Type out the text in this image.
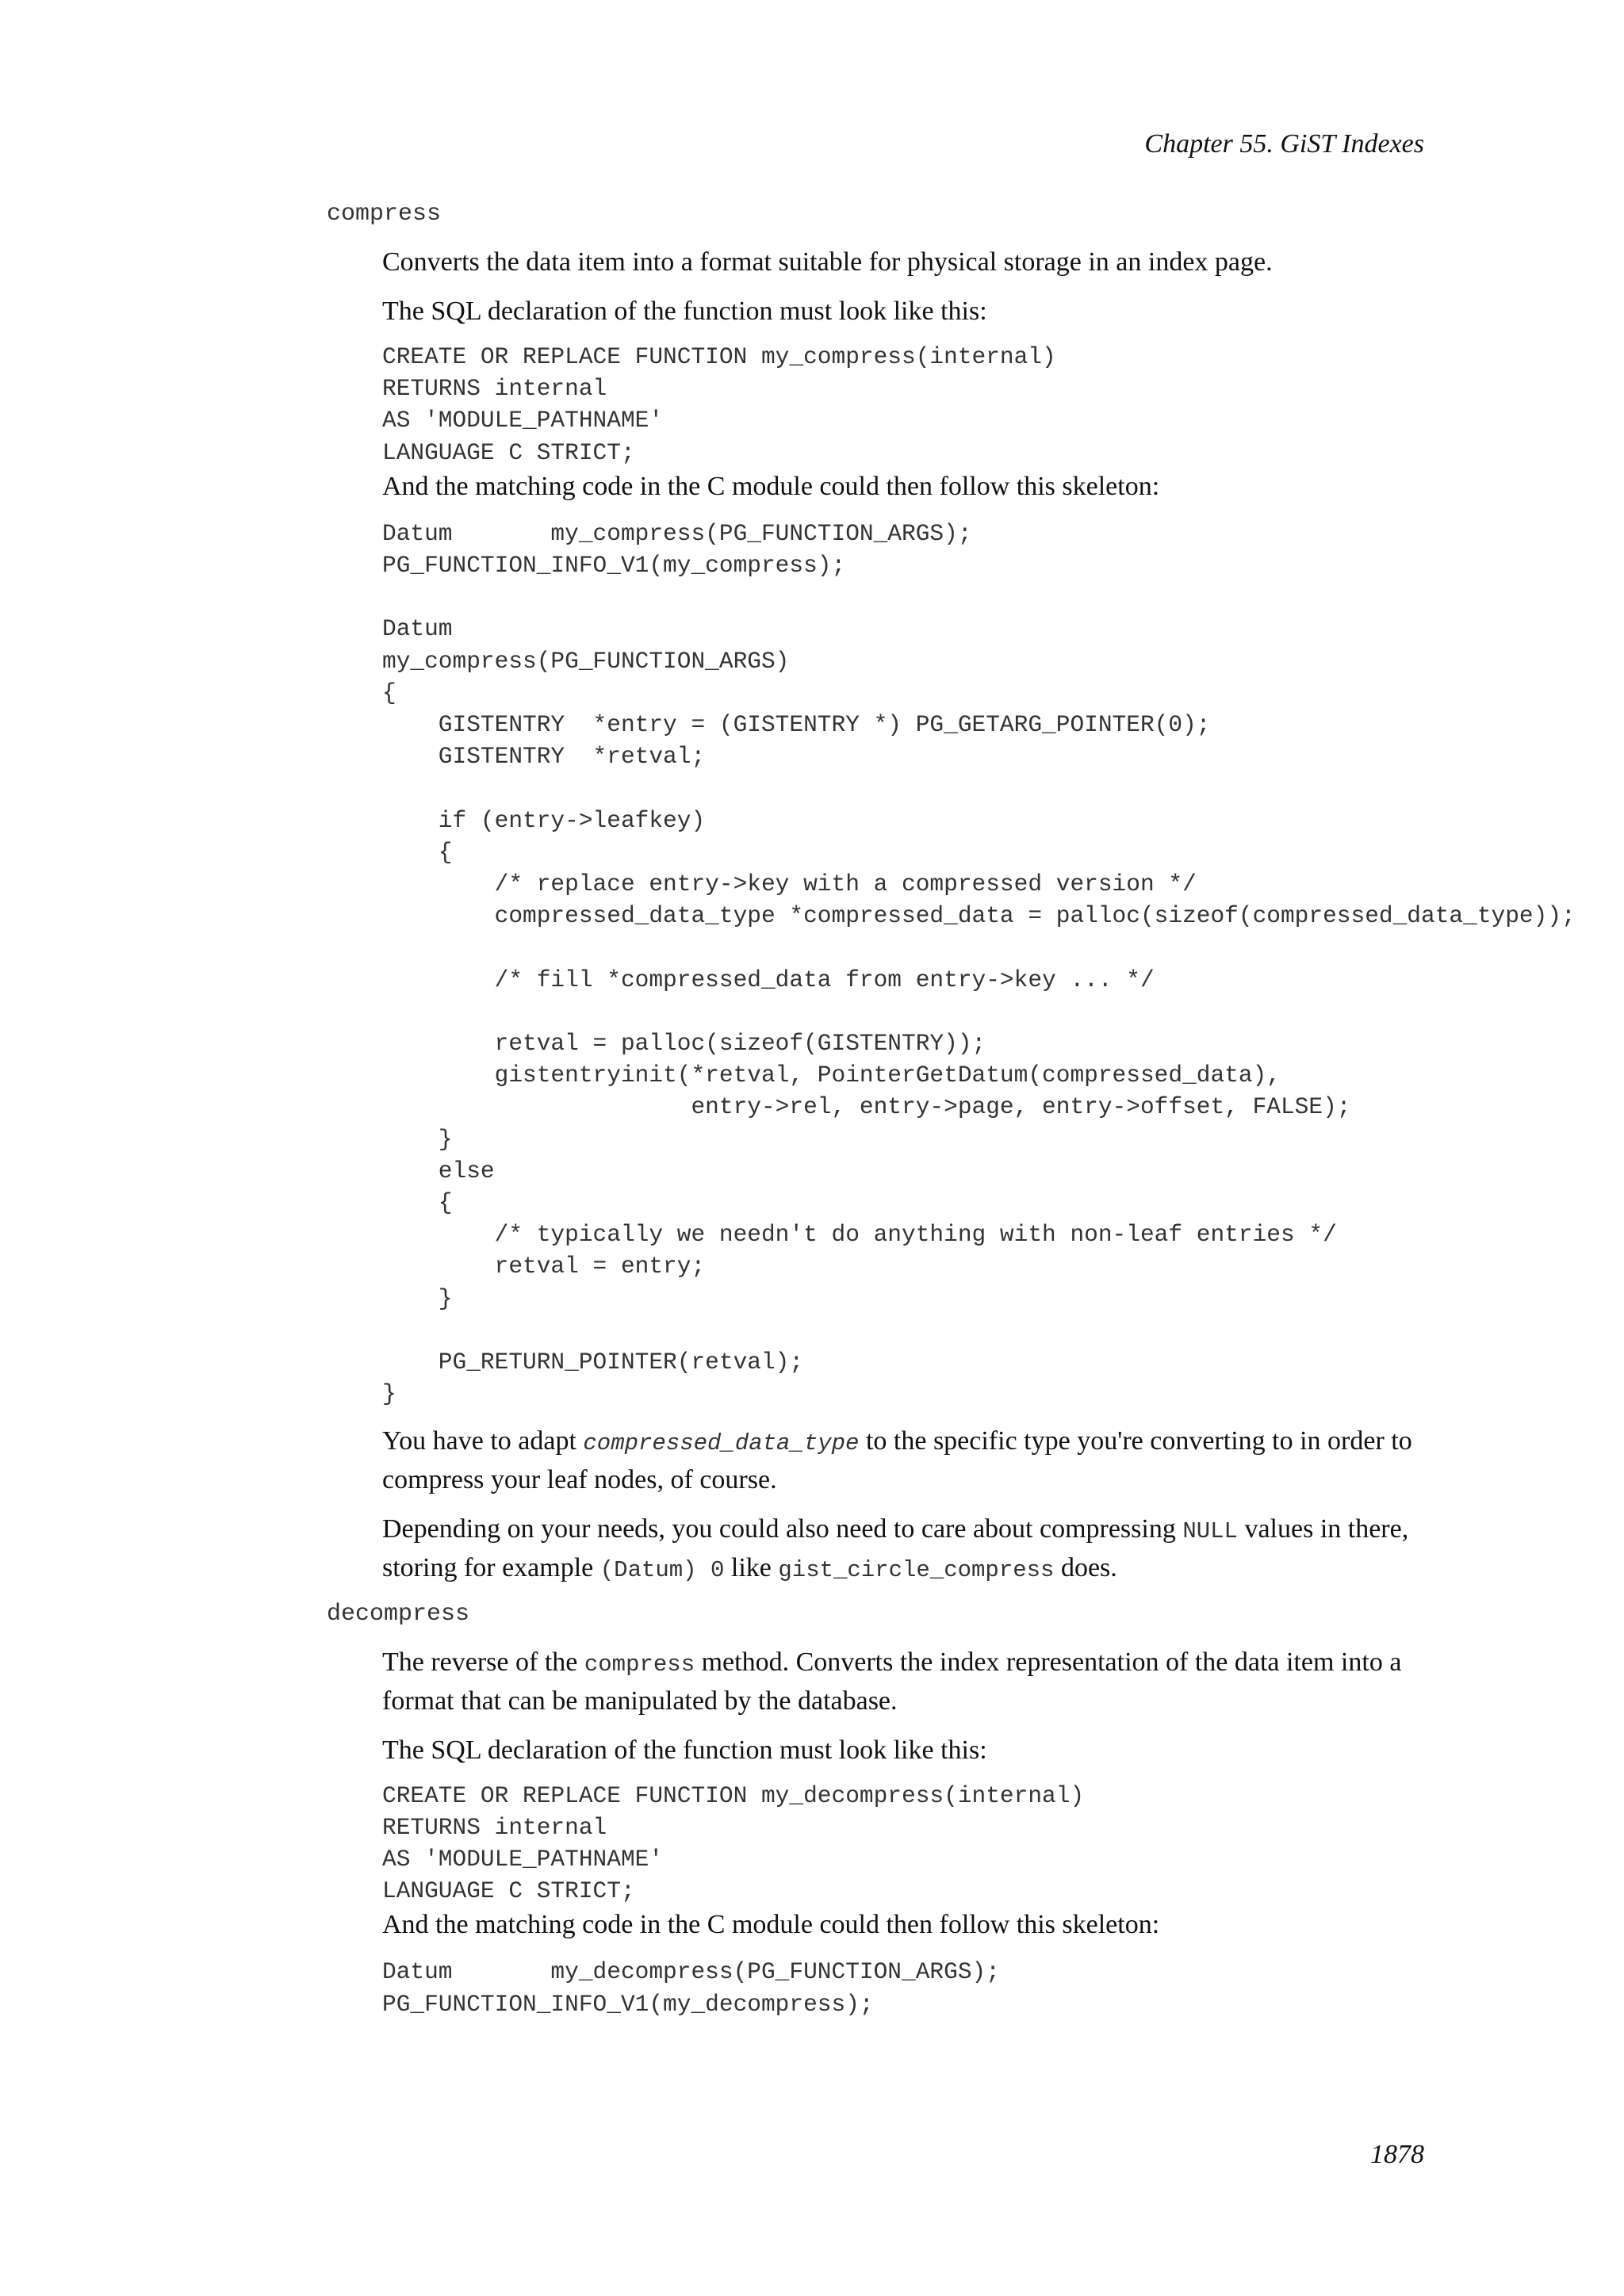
Chapter 55. GiST Indexes
compress

Converts the data item into a format suitable for physical storage in an index page.

The SQL declaration of the function must look like this:

CREATE OR REPLACE FUNCTION my_compress(internal)
RETURNS internal
AS 'MODULE_PATHNAME'
LANGUAGE C STRICT;

And the matching code in the C module could then follow this skeleton:

Datum       my_compress(PG_FUNCTION_ARGS);
PG_FUNCTION_INFO_V1(my_compress);

Datum
my_compress(PG_FUNCTION_ARGS)
{
GISTENTRY  *entry = (GISTENTRY *) PG_GETARG_POINTER(0);
GISTENTRY  *retval;

if (entry->leafkey)
{
/* replace entry->key with a compressed version */
compressed_data_type *compressed_data = palloc(sizeof(compressed_data_type));

/* fill *compressed_data from entry->key ... */

retval = palloc(sizeof(GISTENTRY));
gistentryinit(*retval, PointerGetDatum(compressed_data),
entry->rel, entry->page, entry->offset, FALSE);
}
else
{
/* typically we needn't do anything with non-leaf entries */
retval = entry;
}

PG_RETURN_POINTER(retval);
}

You have to adapt compressed_data_type to the specific type you're converting to in order to compress your leaf nodes, of course.

Depending on your needs, you could also need to care about compressing NULL values in there, storing for example (Datum) 0 like gist_circle_compress does.

decompress

The reverse of the compress method. Converts the index representation of the data item into a format that can be manipulated by the database.

The SQL declaration of the function must look like this:

CREATE OR REPLACE FUNCTION my_decompress(internal)
RETURNS internal
AS 'MODULE_PATHNAME'
LANGUAGE C STRICT;

And the matching code in the C module could then follow this skeleton:

Datum       my_decompress(PG_FUNCTION_ARGS);
PG_FUNCTION_INFO_V1(my_decompress);
1878
